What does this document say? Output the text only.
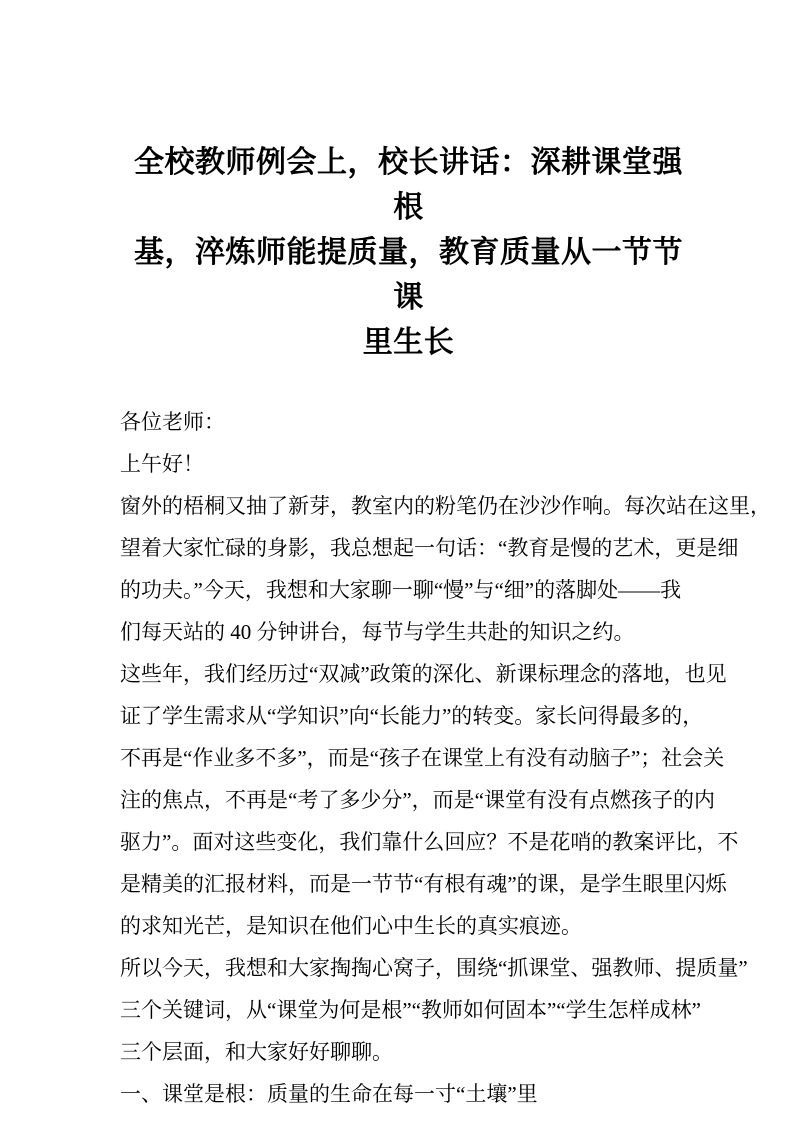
全校教师例会上，校长讲话：深耕课堂强根
基，淬炼师能提质量，教育质量从一节节课
里生长
各位老师：
上午好！
窗外的梧桐又抽了新芽，教室内的粉笔仍在沙沙作响。每次站在这里，
望着大家忙碌的身影，我总想起一句话：“教育是慢的艺术，更是细
的功夫。”今天，我想和大家聊一聊“慢”与“细”的落脚处——我
们每天站的 40 分钟讲台，每节与学生共赴的知识之约。
这些年，我们经历过“双减”政策的深化、新课标理念的落地，也见
证了学生需求从“学知识”向“长能力”的转变。家长问得最多的，
不再是“作业多不多”，而是“孩子在课堂上有没有动脑子”；社会关
注的焦点，不再是“考了多少分”，而是“课堂有没有点燃孩子的内
驱力”。面对这些变化，我们靠什么回应？不是花哨的教案评比，不
是精美的汇报材料，而是一节节“有根有魂”的课，是学生眼里闪烁
的求知光芒，是知识在他们心中生长的真实痕迹。
所以今天，我想和大家掏掏心窝子，围绕“抓课堂、强教师、提质量”
三个关键词，从“课堂为何是根”“教师如何固本”“学生怎样成林”
三个层面，和大家好好聊聊。
一、课堂是根：质量的生命在每一寸“土壤”里
